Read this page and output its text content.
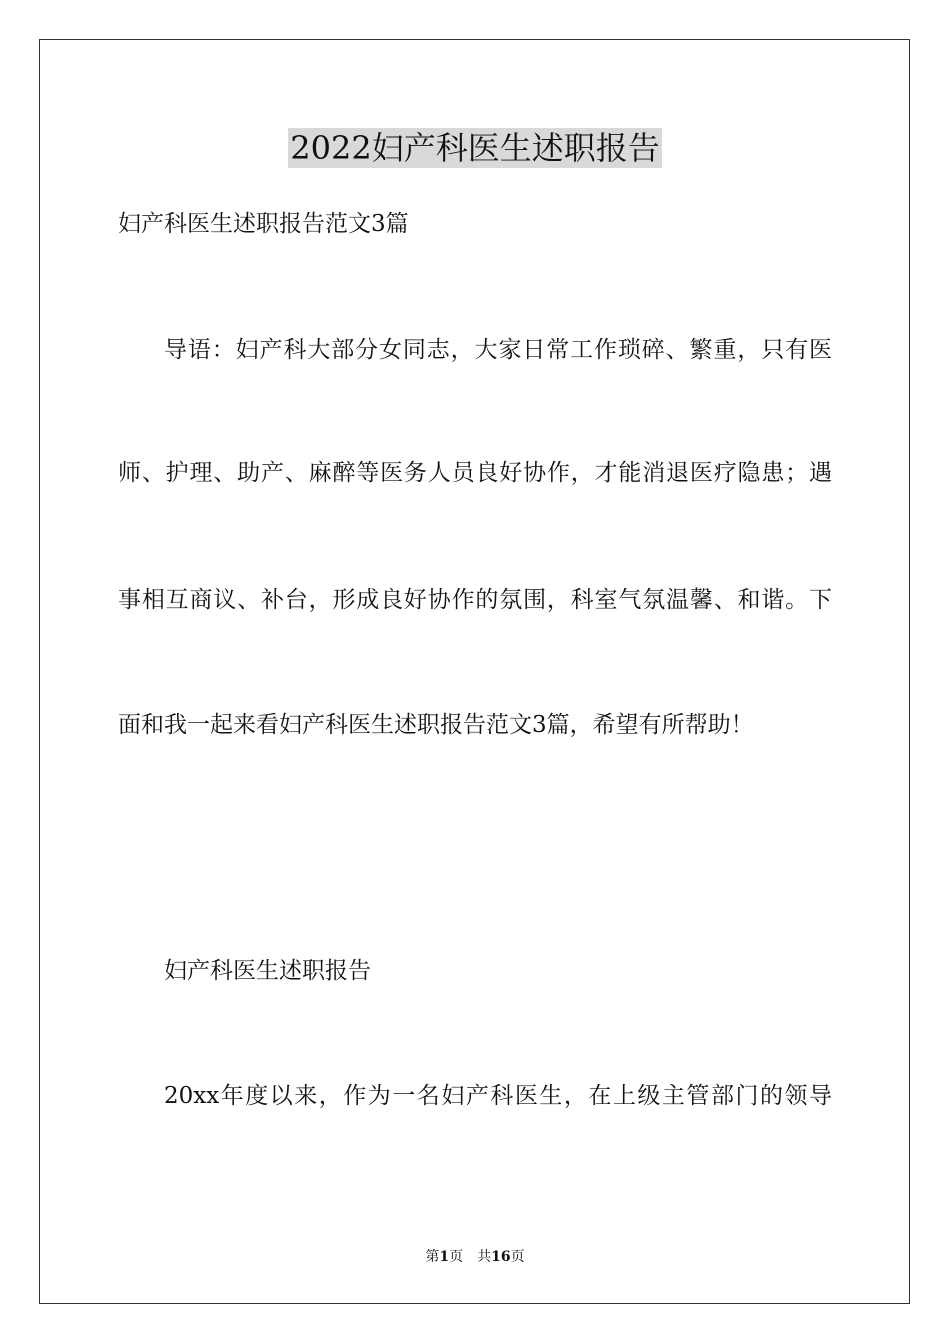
2022妇产科医生述职报告
妇产科医生述职报告范文3篇
导语：妇产科大部分女同志，大家日常工作琐碎、繁重，只有医
师、护理、助产、麻醉等医务人员良好协作，才能消退医疗隐患；遇
事相互商议、补台，形成良好协作的氛围，科室气氛温馨、和谐。下
面和我一起来看妇产科医生述职报告范文3篇，希望有所帮助！
妇产科医生述职报告
20xx年度以来，作为一名妇产科医生，在上级主管部门的领导
第1页　共16页
